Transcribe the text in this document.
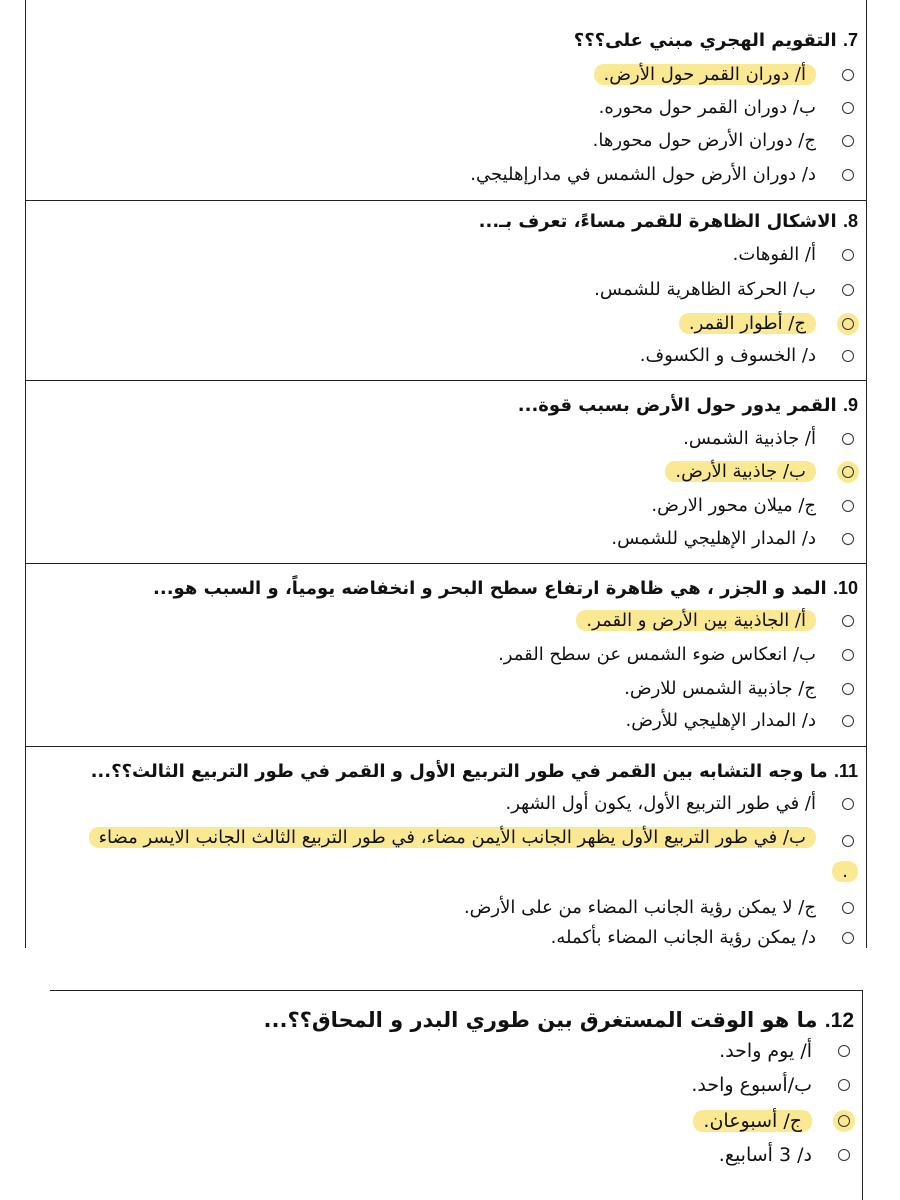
7. التقويم الهجري مبني على؟؟؟
أ/ دوران القمر حول الأرض.
ب/ دوران القمر حول محوره.
ج/ دوران الأرض حول محورها.
د/ دوران الأرض حول الشمس في مدارإهليجي.
8. الاشكال الظاهرة للقمر مساءً، تعرف بـ...
أ/ الفوهات.
ب/ الحركة الظاهرية للشمس.
ج/ أطوار القمر.
د/ الخسوف و الكسوف.
9. القمر يدور حول الأرض بسبب قوة...
أ/ جاذبية الشمس.
ب/ جاذبية الأرض.
ج/ ميلان محور الارض.
د/ المدار الإهليجي للشمس.
10. المد و الجزر ، هي ظاهرة ارتفاع سطح البحر و انخفاضه يومياً، و السبب هو...
أ/ الجاذبية بين الأرض و القمر.
ب/ انعكاس ضوء الشمس عن سطح القمر.
ج/ جاذبية الشمس للارض.
د/ المدار الإهليجي للأرض.
11. ما وجه التشابه بين القمر في طور التربيع الأول و القمر في طور التربيع الثالث؟؟...
أ/ في طور التربيع الأول، يكون أول الشهر.
ب/ في طور التربيع الأول يظهر الجانب الأيمن مضاء، في طور التربيع الثالث الجانب الايسر مضاء .
ج/ لا يمكن رؤية الجانب المضاء من على الأرض.
د/ يمكن رؤية الجانب المضاء بأكمله.
12. ما هو الوقت المستغرق بين طوري البدر و المحاق؟؟...
أ/ يوم واحد.
ب/أسبوع واحد.
ج/ أسبوعان.
د/ 3 أسابيع.
